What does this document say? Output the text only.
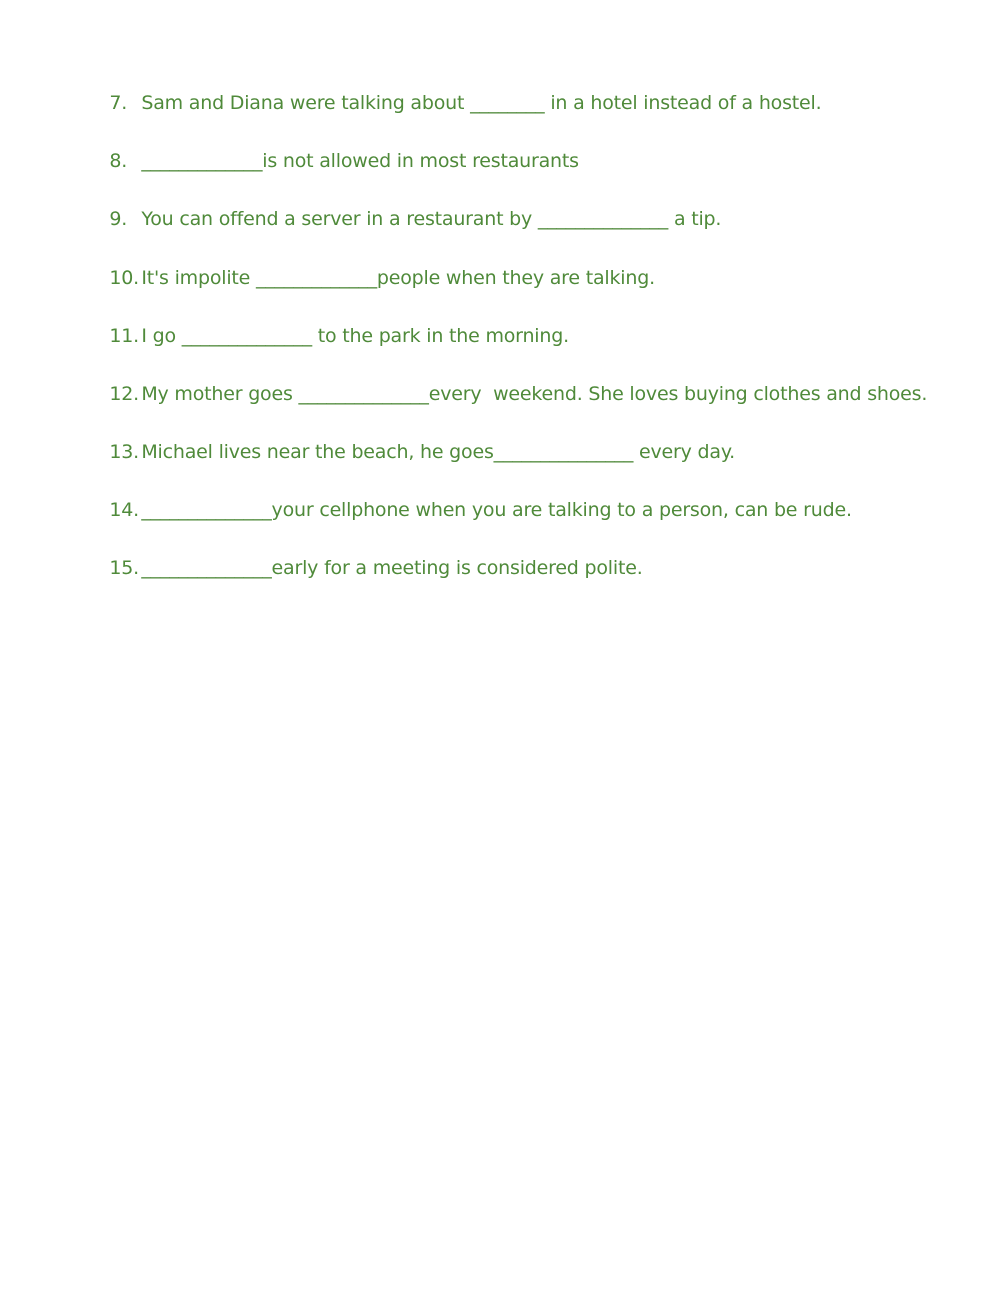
7. Sam and Diana were talking about ________ in a hotel instead of a hostel.

8. _____________is not allowed in most restaurants

9. You can offend a server in a restaurant by ______________ a tip.

10. It's impolite _____________people when they are talking.

11. I go ______________ to the park in the morning.

12. My mother goes ______________every  weekend. She loves buying clothes and shoes.

13. Michael lives near the beach, he goes_______________ every day.

14. ______________your cellphone when you are talking to a person, can be rude.

15. ______________early for a meeting is considered polite.
